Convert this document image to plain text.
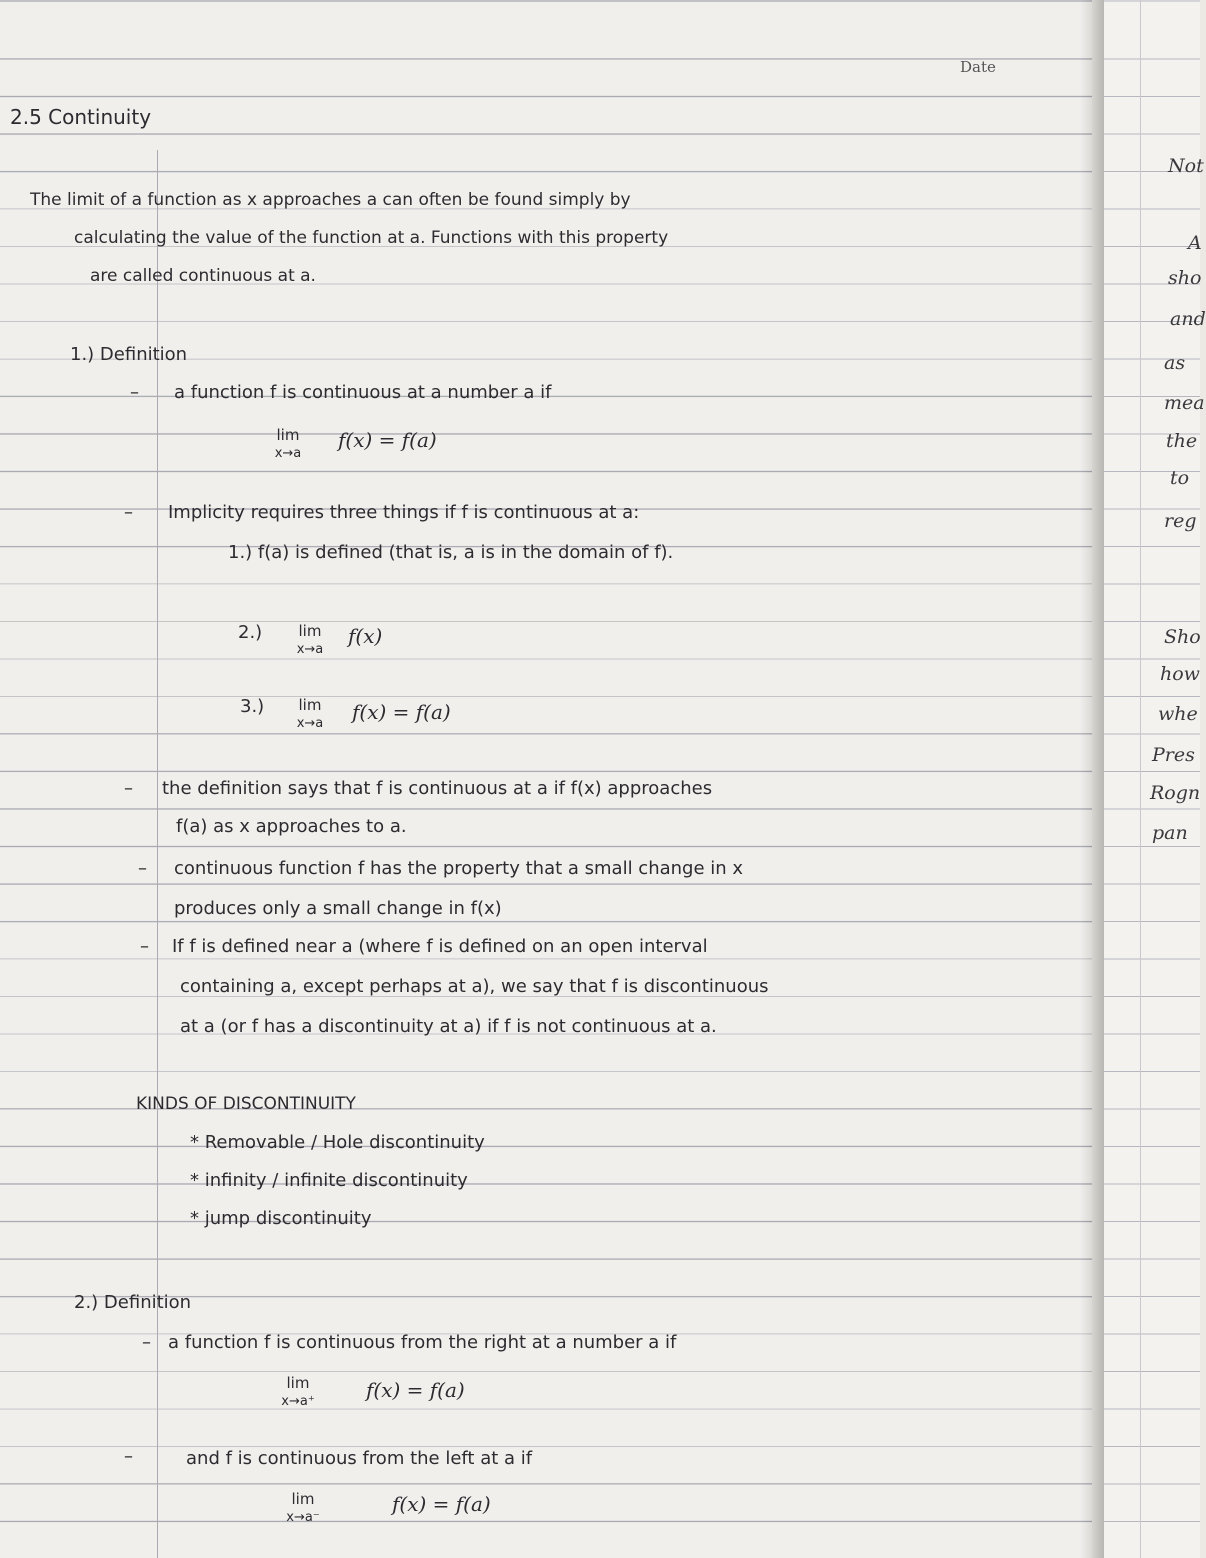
Not
A
sho
and
as
mea
the
to
reg
Sho
how
whe
Pres
Rogn
pan
Date
2.5 Continuity
The limit of a function as x approaches a can often be found simply by
calculating the value of the function at a. Functions with this property
are called continuous at a.
1.) Definition
– a function f is continuous at a number a if
lim
x→a
f(x) = f(a)
– Implicity requires three things if f is continuous at a:
1.) f(a) is defined (that is, a is in the domain of f).
2.)	lim
x→a
f(x)
3.)	lim
x→a	f(x) = f(a)
– the definition says that f is continuous at a if f(x) approaches
f(a) as x approaches to a.
– continuous function f has the property that a small change in x
produces only a small change in f(x)
– If f is defined near a (where f is defined on an open interval
containing a, except perhaps at a), we say that f is discontinuous
at a (or f has a discontinuity at a) if f is not continuous at a.
KINDS OF DISCONTINUITY
* Removable / Hole discontinuity
* infinity / infinite discontinuity
* jump discontinuity
2.) Definition
– a function f is continuous from the right at a number a if
lim
x→a⁺	f(x) = f(a)
–	and f is continuous from the left at a if
lim
x→a⁻
f(x) = f(a)
